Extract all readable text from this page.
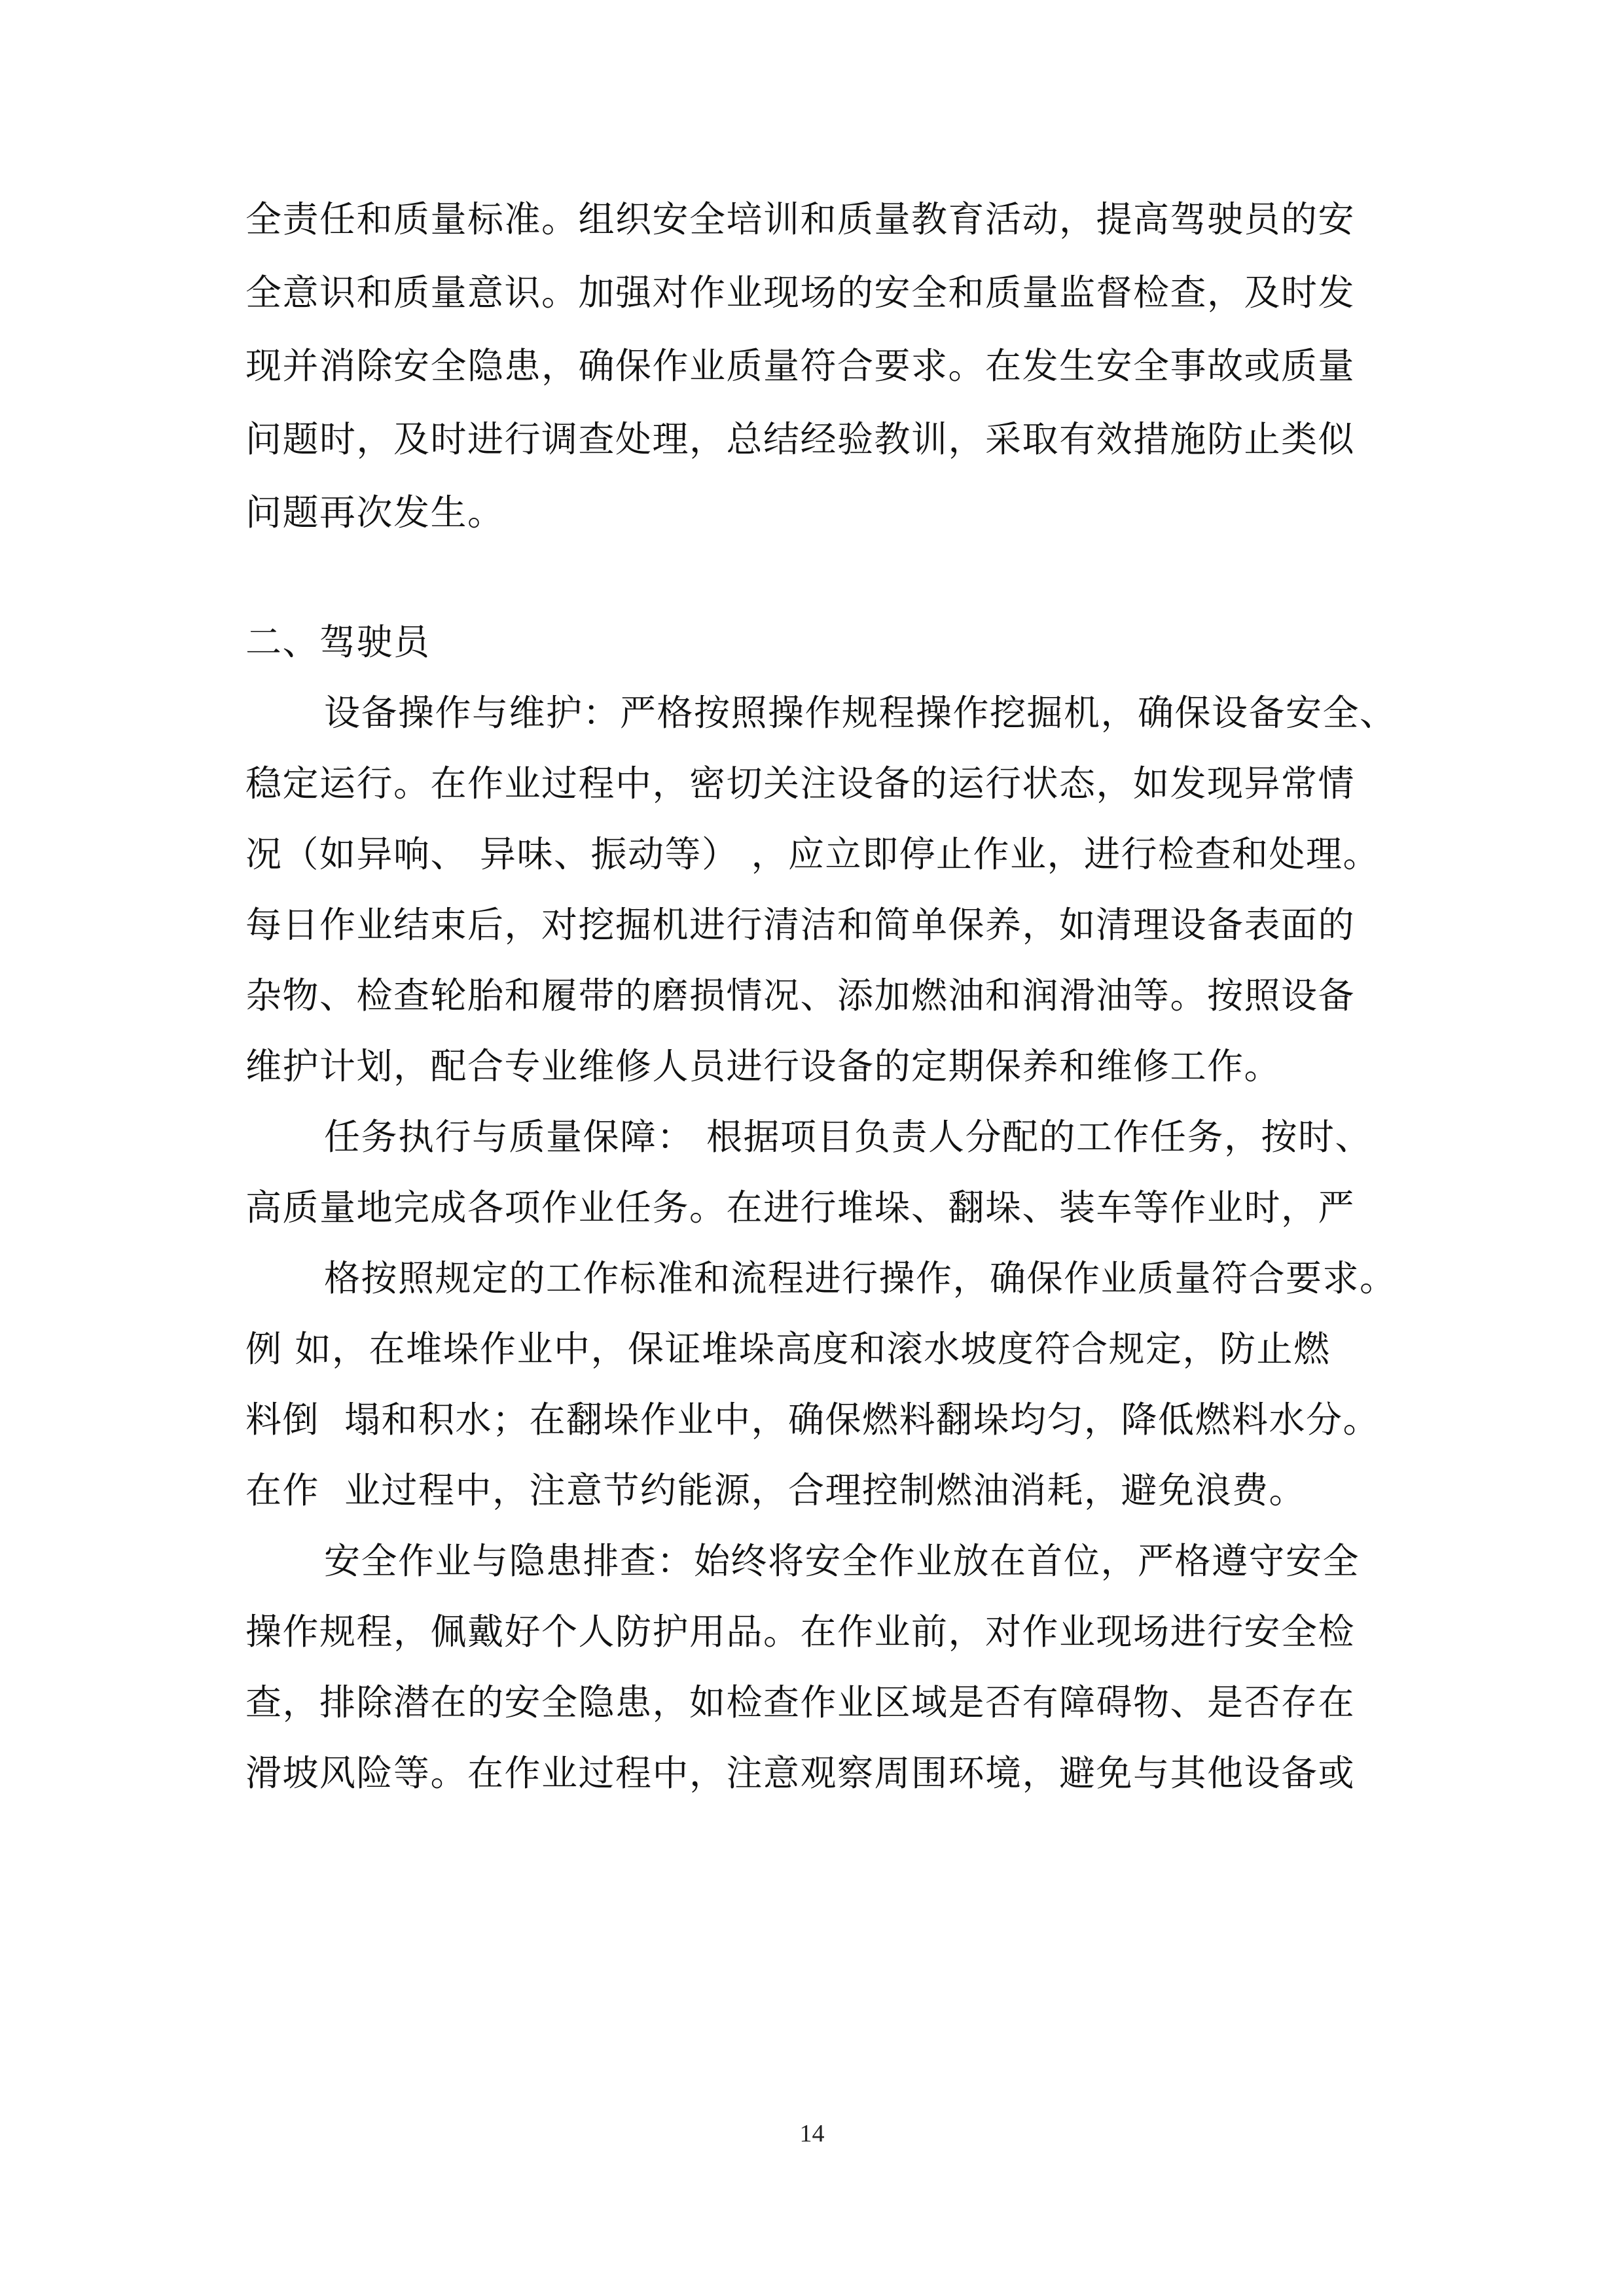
全责任和质量标准。组织安全培训和质量教育活动，提高驾驶员的安
全意识和质量意识。加强对作业现场的安全和质量监督检查，及时发
现并消除安全隐患，确保作业质量符合要求。在发生安全事故或质量
问题时，及时进行调查处理，总结经验教训，采取有效措施防止类似
问题再次发生。
二、驾驶员
设备操作与维护：严格按照操作规程操作挖掘机，确保设备安全、
稳定运行。在作业过程中，密切关注设备的运行状态，如发现异常情
况（如异响、 异味、振动等） ，应立即停止作业，进行检查和处理。
每日作业结束后，对挖掘机进行清洁和简单保养，如清理设备表面的
杂物、检查轮胎和履带的磨损情况、添加燃油和润滑油等。按照设备
维护计划，配合专业维修人员进行设备的定期保养和维修工作。
任务执行与质量保障： 根据项目负责人分配的工作任务，按时、
高质量地完成各项作业任务。在进行堆垛、翻垛、装车等作业时，严
格按照规定的工作标准和流程进行操作，确保作业质量符合要求。
例 如，在堆垛作业中，保证堆垛高度和滚水坡度符合规定，防止燃
料倒  塌和积水；在翻垛作业中，确保燃料翻垛均匀，降低燃料水分。
在作  业过程中，注意节约能源，合理控制燃油消耗，避免浪费。
安全作业与隐患排查：始终将安全作业放在首位，严格遵守安全
操作规程，佩戴好个人防护用品。在作业前，对作业现场进行安全检
查，排除潜在的安全隐患，如检查作业区域是否有障碍物、是否存在
滑坡风险等。在作业过程中，注意观察周围环境，避免与其他设备或
14
